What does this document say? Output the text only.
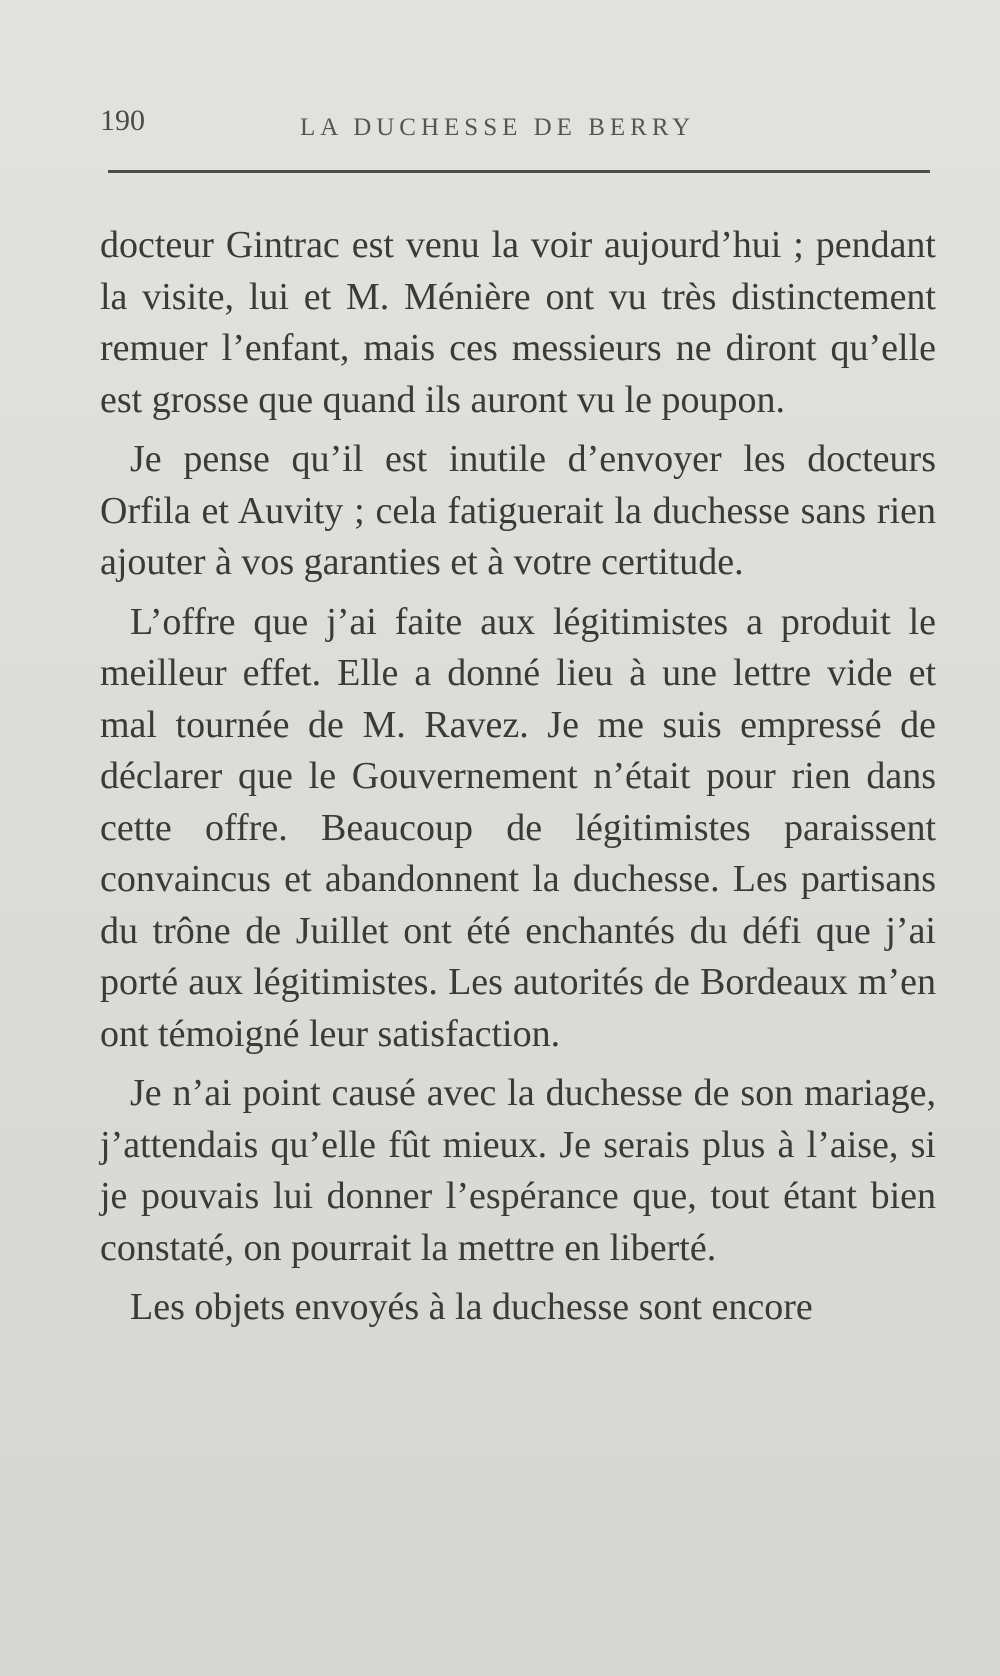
190	LA DUCHESSE DE BERRY

docteur Gintrac est venu la voir aujourd’hui ; pendant la visite, lui et M. Ménière ont vu très distinctement remuer l’enfant, mais ces messieurs ne diront qu’elle est grosse que quand ils auront vu le poupon.

Je pense qu’il est inutile d’envoyer les docteurs Orfila et Auvity ; cela fatiguerait la duchesse sans rien ajouter à vos garanties et à votre certitude.

L’offre que j’ai faite aux légitimistes a produit le meilleur effet. Elle a donné lieu à une lettre vide et mal tournée de M. Ravez. Je me suis empressé de déclarer que le Gouvernement n’était pour rien dans cette offre. Beaucoup de légitimistes paraissent convaincus et abandonnent la duchesse. Les partisans du trône de Juillet ont été enchantés du défi que j’ai porté aux légitimistes. Les autorités de Bordeaux m’en ont témoigné leur satisfaction.

Je n’ai point causé avec la duchesse de son mariage, j’attendais qu’elle fût mieux. Je serais plus à l’aise, si je pouvais lui donner l’espérance que, tout étant bien constaté, on pourrait la mettre en liberté.

Les objets envoyés à la duchesse sont encore
